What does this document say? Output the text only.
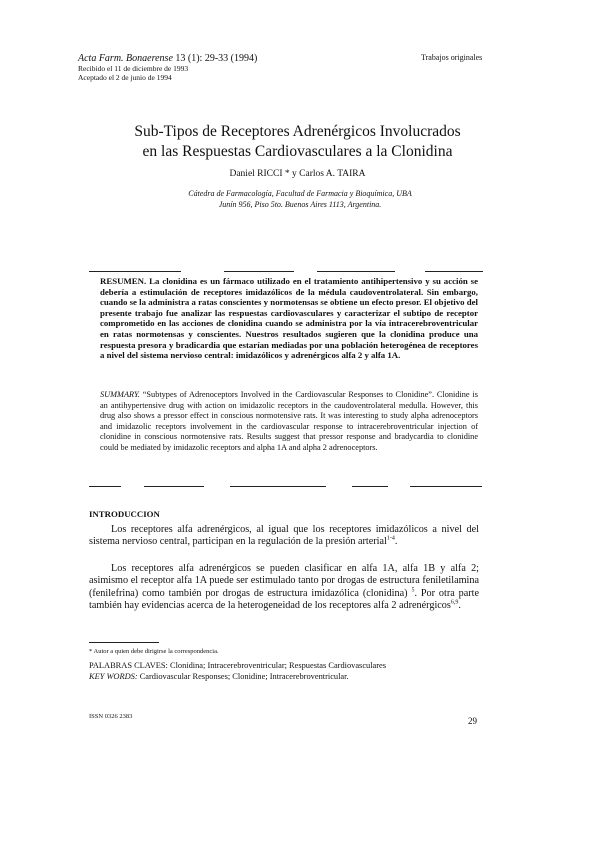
Acta Farm. Bonaerense 13 (1): 29-33 (1994)	Trabajos originales
Recibido el 11 de diciembre de 1993
Aceptado el 2 de junio de 1994
Sub-Tipos de Receptores Adrenérgicos Involucrados
en las Respuestas Cardiovasculares a la Clonidina
Daniel RICCI * y Carlos A. TAIRA
Cátedra de Farmacología, Facultad de Farmacia y Bioquímica, UBA
Junín 956, Piso 5to. Buenos Aires 1113, Argentina.
RESUMEN. La clonidina es un fármaco utilizado en el tratamiento antihipertensivo y su acción se debería a estimulación de receptores imidazólicos de la médula caudoventrolateral. Sin embargo, cuando se la administra a ratas conscientes y normotensas se obtiene un efecto presor. El objetivo del presente trabajo fue analizar las respuestas cardiovasculares y caracterizar el subtipo de receptor comprometido en las acciones de clonidina cuando se administra por la vía intracerebroventricular en ratas normotensas y conscientes. Nuestros resultados sugieren que la clonidina produce una respuesta presora y bradicardia que estarían mediadas por una población heterogénea de receptores a nivel del sistema nervioso central: imidazólicos y adrenérgicos alfa 2 y alfa 1A.
SUMMARY. “Subtypes of Adrenoceptors Involved in the Cardiovascular Responses to Clonidine”. Clonidine is an antihypertensive drug with action on imidazolic receptors in the caudoventrolateral medulla. However, this drug also shows a pressor effect in conscious normotensive rats. It was interesting to study alpha adrenoceptors and imidazolic receptors involvement in the cardiovascular response to intracerebroventricular injection of clonidine in conscious normotensive rats. Results suggest that pressor response and bradycardia to clonidine could be mediated by imidazolic receptors and alpha 1A and alpha 2 adrenoceptors.
INTRODUCCION
Los receptores alfa adrenérgicos, al igual que los receptores imidazólicos a nivel del sistema nervioso central, participan en la regulación de la presión arterial$^{1-4}$.
Los receptores alfa adrenérgicos se pueden clasificar en alfa 1A, alfa 1B y alfa 2; asimismo el receptor alfa 1A puede ser estimulado tanto por drogas de estructura feniletilamina (fenilefrina) como también por drogas de estructura imidazólica (clonidina) $^5$. Por otra parte también hay evidencias acerca de la heterogeneidad de los receptores alfa 2 adrenérgicos$^{6,9}$.
* Autor a quien debe dirigirse la correspondencia.
PALABRAS CLAVES: Clonidina; Intracerebroventricular; Respuestas Cardiovasculares
KEY WORDS: Cardiovascular Responses; Clonidine; Intracerebroventricular.
ISSN 0326 2383	29
